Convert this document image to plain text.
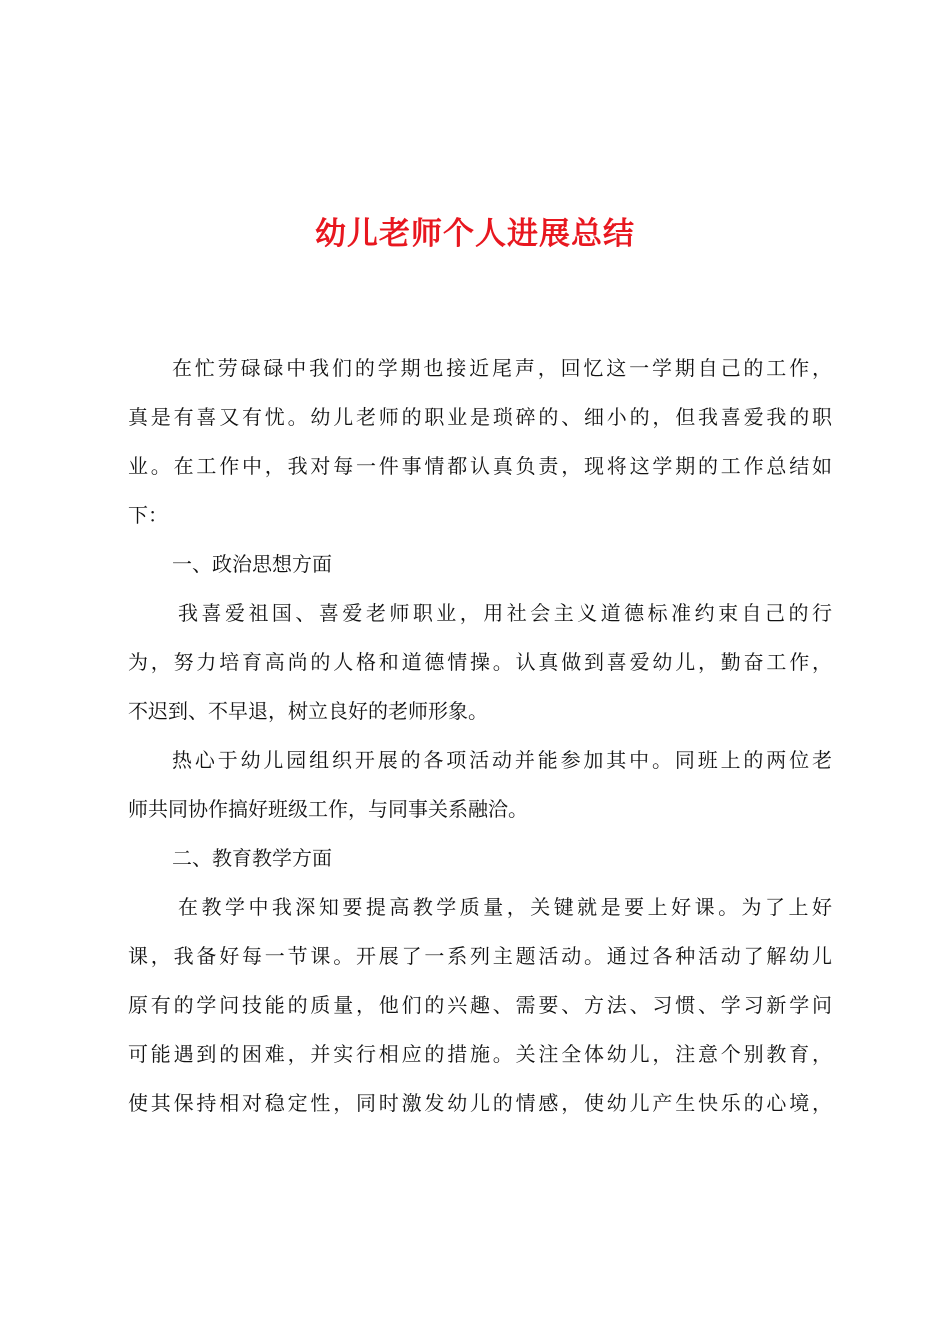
幼儿老师个人进展总结
在忙劳碌碌中我们的学期也接近尾声，回忆这一学期自己的工作，
真是有喜又有忧。幼儿老师的职业是琐碎的、细小的，但我喜爱我的职
业。在工作中，我对每一件事情都认真负责，现将这学期的工作总结如
下：
一、政治思想方面
我喜爱祖国、喜爱老师职业，用社会主义道德标准约束自己的行
为，努力培育高尚的人格和道德情操。认真做到喜爱幼儿，勤奋工作，
不迟到、不早退，树立良好的老师形象。
热心于幼儿园组织开展的各项活动并能参加其中。同班上的两位老
师共同协作搞好班级工作，与同事关系融洽。
二、教育教学方面
在教学中我深知要提高教学质量，关键就是要上好课。为了上好
课，我备好每一节课。开展了一系列主题活动。通过各种活动了解幼儿
原有的学问技能的质量，他们的兴趣、需要、方法、习惯、学习新学问
可能遇到的困难，并实行相应的措施。关注全体幼儿，注意个别教育，
使其保持相对稳定性，同时激发幼儿的情感，使幼儿产生快乐的心境，
